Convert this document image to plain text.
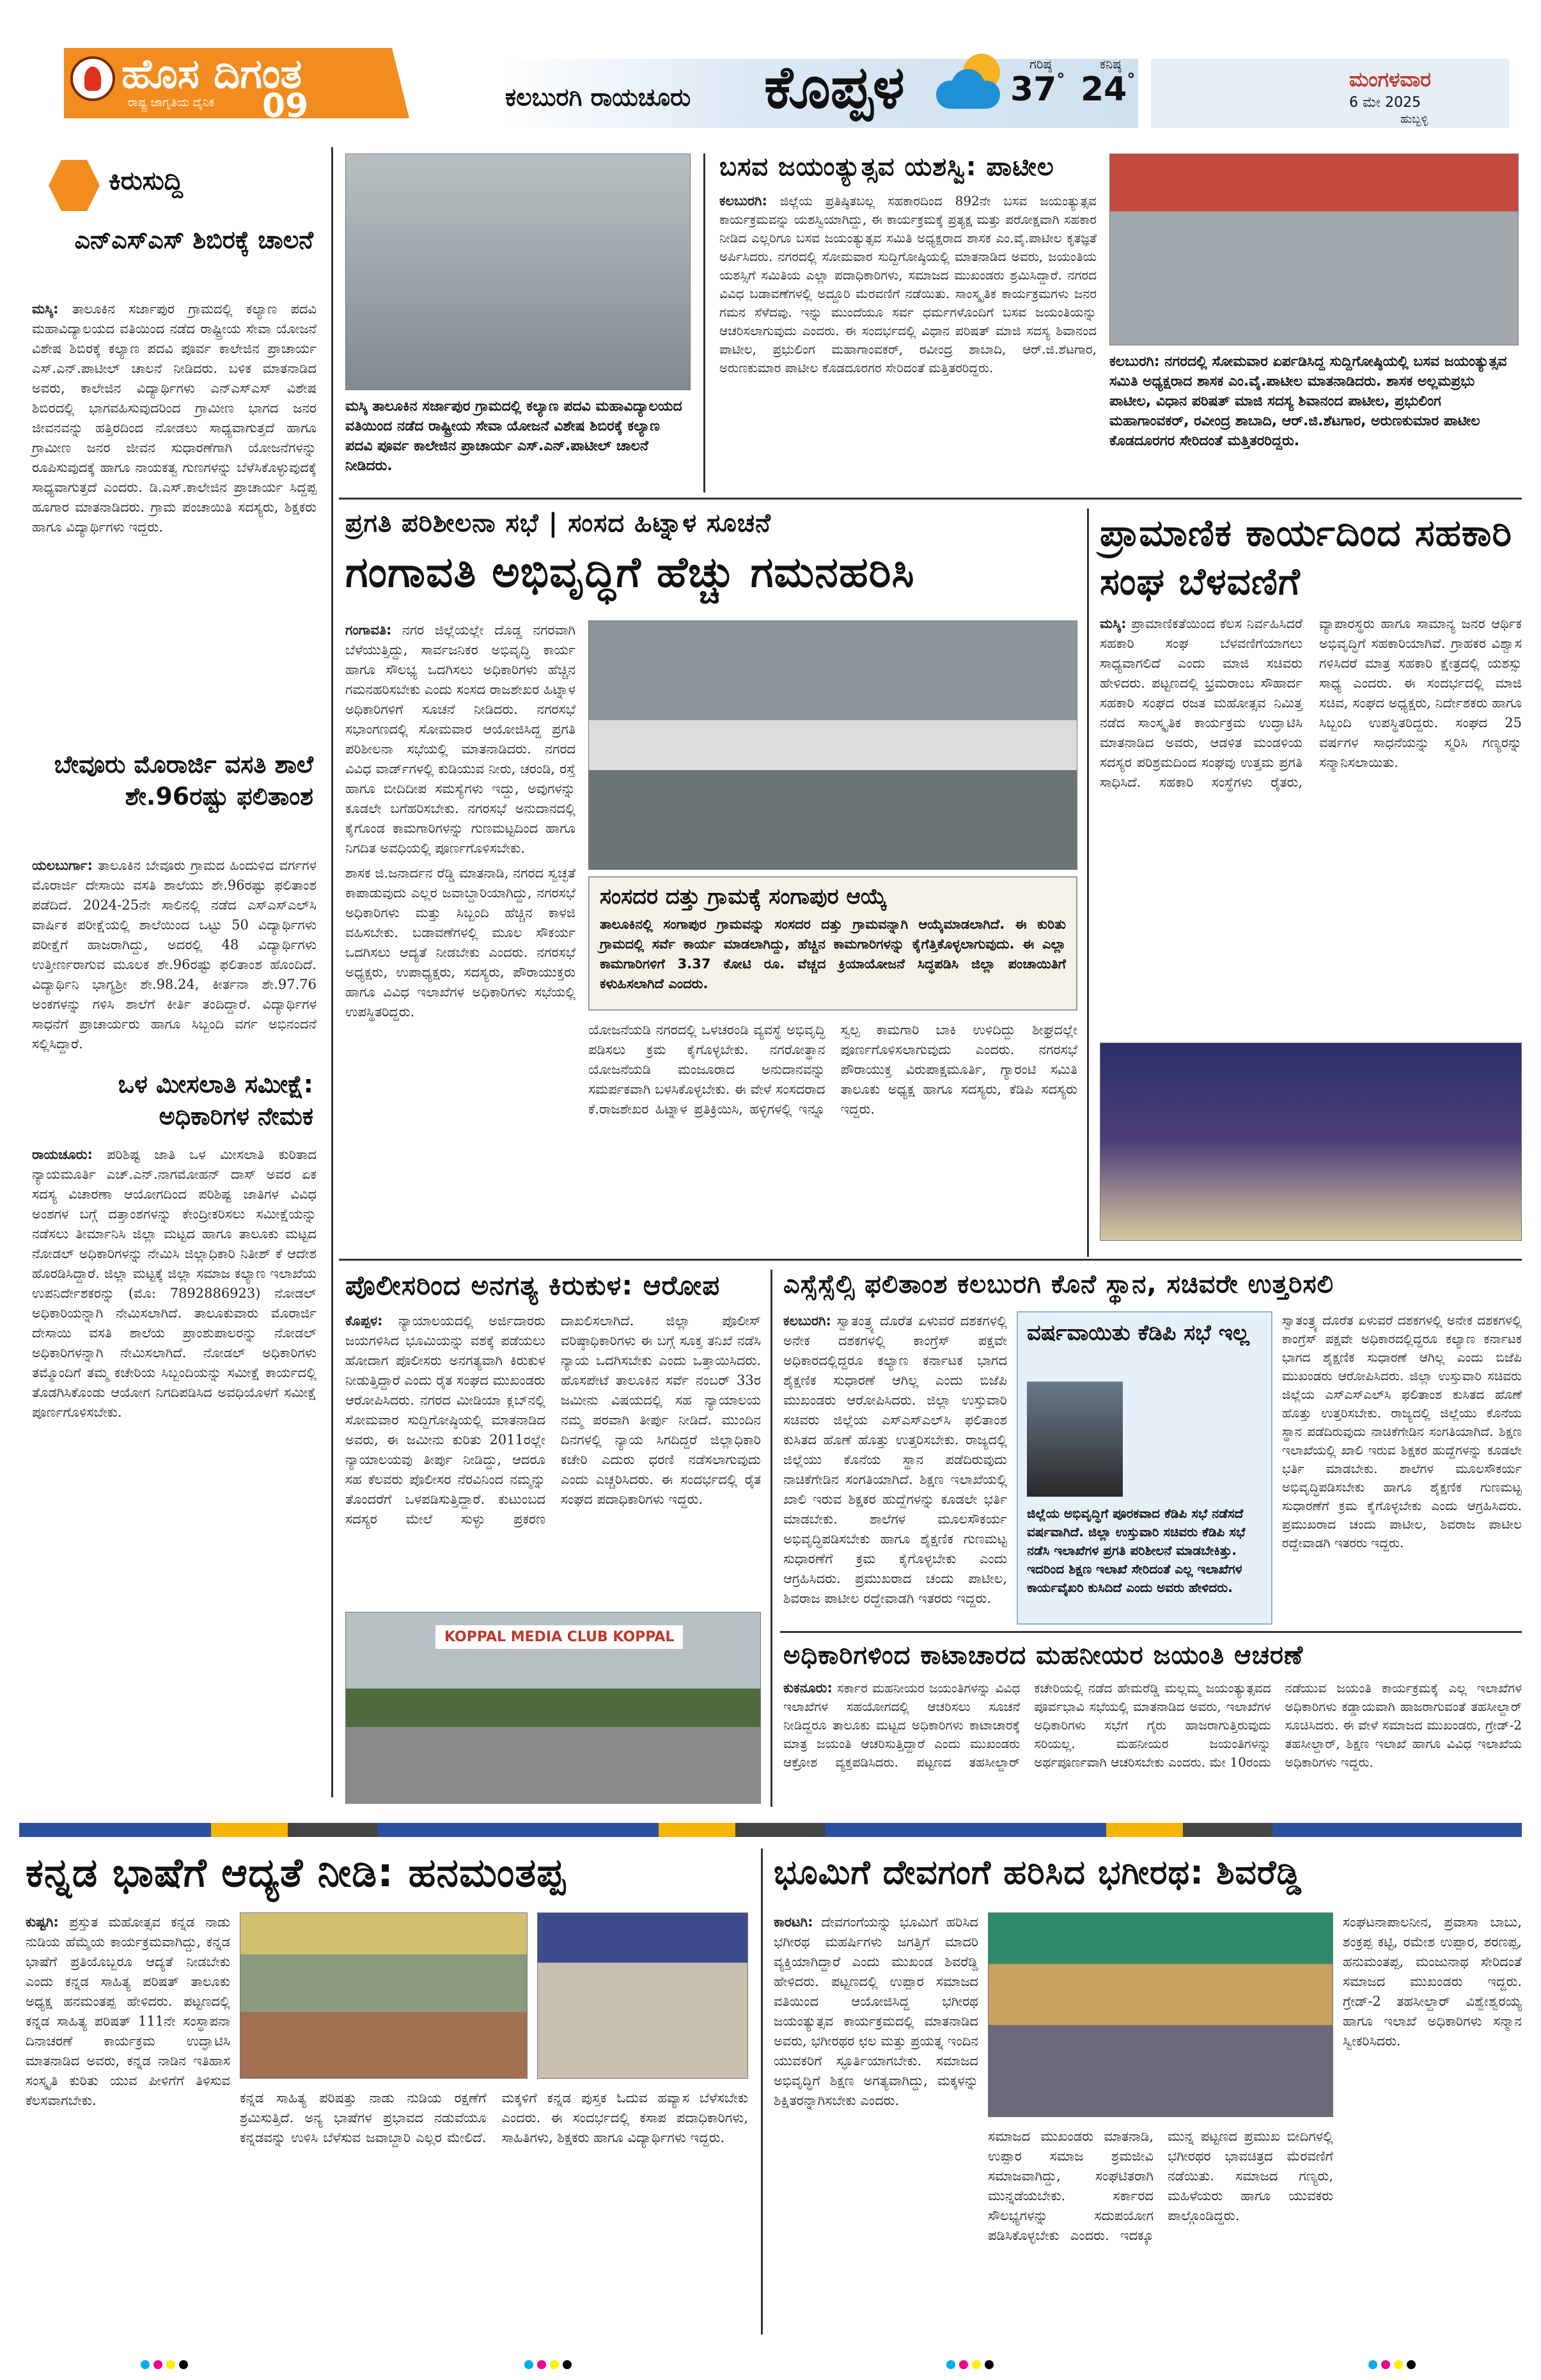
ಹೊಸ ದಿಗಂತ
ರಾಷ್ಟ್ರ ಜಾಗೃತಿಯ ದೈನಿಕ 09	ಕಲಬುರಗಿ ರಾಯಚೂರು ಕೊಪ್ಪಳ	ಗರಿಷ್ಠ
37°
ಕನಿಷ್ಠ
24°	ಮಂಗಳವಾರ
6 ಮೇ 2025
ಹುಬ್ಬಳ್ಳಿ
ಕಿರುಸುದ್ದಿ
ಎನ್‌ಎಸ್‌ಎಸ್ ಶಿಬಿರಕ್ಕೆ ಚಾಲನೆ
ಮಸ್ಕಿ: ತಾಲೂಕಿನ ಸರ್ಜಾಪುರ ಗ್ರಾಮದಲ್ಲಿ ಕಲ್ಯಾಣ ಪದವಿ ಮಹಾವಿದ್ಯಾಲಯದ ವತಿಯಿಂದ ನಡೆದ ರಾಷ್ಟ್ರೀಯ ಸೇವಾ ಯೋಜನೆ ವಿಶೇಷ ಶಿಬಿರಕ್ಕೆ ಕಲ್ಯಾಣ ಪದವಿ ಪೂರ್ವ ಕಾಲೇಜಿನ ಪ್ರಾಚಾರ್ಯ ಎಸ್.ಎನ್.ಪಾಟೀಲ್ ಚಾಲನೆ ನೀಡಿದರು. ಬಳಿಕ ಮಾತನಾಡಿದ ಅವರು, ಕಾಲೇಜಿನ ವಿದ್ಯಾರ್ಥಿಗಳು ಎನ್‌ಎಸ್‌ಎಸ್ ವಿಶೇಷ ಶಿಬಿರದಲ್ಲಿ ಭಾಗವಹಿಸುವುದರಿಂದ ಗ್ರಾಮೀಣ ಭಾಗದ ಜನರ ಜೀವನವನ್ನು ಹತ್ತಿರದಿಂದ ನೋಡಲು ಸಾಧ್ಯವಾಗುತ್ತದೆ ಹಾಗೂ ಗ್ರಾಮೀಣ ಜನರ ಜೀವನ ಸುಧಾರಣೆಗಾಗಿ ಯೋಜನೆಗಳನ್ನು ರೂಪಿಸುವುದಕ್ಕೆ ಹಾಗೂ ನಾಯಕತ್ವ ಗುಣಗಳನ್ನು ಬೆಳೆಸಿಕೊಳ್ಳುವುದಕ್ಕೆ ಸಾಧ್ಯವಾಗುತ್ತದೆ ಎಂದರು. ಡಿ.ಎಸ್.ಕಾಲೇಜಿನ ಪ್ರಾಚಾರ್ಯ ಸಿದ್ದಪ್ಪ ಹೂಗಾರ ಮಾತನಾಡಿದರು. ಗ್ರಾಮ ಪಂಚಾಯಿತಿ ಸದಸ್ಯರು, ಶಿಕ್ಷಕರು ಹಾಗೂ ವಿದ್ಯಾರ್ಥಿಗಳು ಇದ್ದರು.
ಬೇವೂರು ಮೊರಾರ್ಜಿ ವಸತಿ ಶಾಲೆ ಶೇ.96ರಷ್ಟು ಫಲಿತಾಂಶ
ಯಲಬುರ್ಗಾ: ತಾಲೂಕಿನ ಬೇವೂರು ಗ್ರಾಮದ ಹಿಂದುಳಿದ ವರ್ಗಗಳ ಮೊರಾರ್ಜಿ ದೇಸಾಯಿ ವಸತಿ ಶಾಲೆಯು ಶೇ.96ರಷ್ಟು ಫಲಿತಾಂಶ ಪಡೆದಿದೆ. 2024-25ನೇ ಸಾಲಿನಲ್ಲಿ ನಡೆದ ಎಸ್ಎಸ್ಎಲ್‌ಸಿ ವಾರ್ಷಿಕ ಪರೀಕ್ಷೆಯಲ್ಲಿ ಶಾಲೆಯಿಂದ ಒಟ್ಟು 50 ವಿದ್ಯಾರ್ಥಿಗಳು ಪರೀಕ್ಷೆಗೆ ಹಾಜರಾಗಿದ್ದು, ಅದರಲ್ಲಿ 48 ವಿದ್ಯಾರ್ಥಿಗಳು ಉತ್ತೀರ್ಣರಾಗುವ ಮೂಲಕ ಶೇ.96ರಷ್ಟು ಫಲಿತಾಂಶ ಹೊಂದಿದೆ. ವಿದ್ಯಾರ್ಥಿನಿ ಭಾಗ್ಯಶ್ರೀ ಶೇ.98.24, ಕೀರ್ತನಾ ಶೇ.97.76 ಅಂಕಗಳನ್ನು ಗಳಿಸಿ ಶಾಲೆಗೆ ಕೀರ್ತಿ ತಂದಿದ್ದಾರೆ. ವಿದ್ಯಾರ್ಥಿಗಳ ಸಾಧನೆಗೆ ಪ್ರಾಚಾರ್ಯರು ಹಾಗೂ ಸಿಬ್ಬಂದಿ ವರ್ಗ ಅಭಿನಂದನೆ ಸಲ್ಲಿಸಿದ್ದಾರೆ.
ಒಳ ಮೀಸಲಾತಿ ಸಮೀಕ್ಷೆ: ಅಧಿಕಾರಿಗಳ ನೇಮಕ
ರಾಯಚೂರು: ಪರಿಶಿಷ್ಟ ಜಾತಿ ಒಳ ಮೀಸಲಾತಿ ಕುರಿತಾದ ನ್ಯಾಯಮೂರ್ತಿ ಎಚ್.ಎನ್.ನಾಗಮೋಹನ್ ದಾಸ್ ಅವರ ಏಕ ಸದಸ್ಯ ವಿಚಾರಣಾ ಆಯೋಗದಿಂದ ಪರಿಶಿಷ್ಟ ಜಾತಿಗಳ ವಿವಿಧ ಅಂಶಗಳ ಬಗ್ಗೆ ದತ್ತಾಂಶಗಳನ್ನು ಕೇಂದ್ರೀಕರಿಸಲು ಸಮೀಕ್ಷೆಯನ್ನು ನಡೆಸಲು ತೀರ್ಮಾನಿಸಿ ಜಿಲ್ಲಾ ಮಟ್ಟದ ಹಾಗೂ ತಾಲೂಕು ಮಟ್ಟದ ನೋಡಲ್ ಅಧಿಕಾರಿಗಳನ್ನು ನೇಮಿಸಿ ಜಿಲ್ಲಾಧಿಕಾರಿ ನಿತೀಶ್ ಕೆ ಆದೇಶ ಹೊರಡಿಸಿದ್ದಾರೆ. ಜಿಲ್ಲಾ ಮಟ್ಟಕ್ಕೆ ಜಿಲ್ಲಾ ಸಮಾಜ ಕಲ್ಯಾಣ ಇಲಾಖೆಯ ಉಪನಿರ್ದೇಶಕರನ್ನು (ಮೊ: 7892886923) ನೋಡಲ್ ಅಧಿಕಾರಿಯನ್ನಾಗಿ ನೇಮಿಸಲಾಗಿದೆ. ತಾಲೂಕುವಾರು ಮೊರಾರ್ಜಿ ದೇಸಾಯಿ ವಸತಿ ಶಾಲೆಯ ಪ್ರಾಂಶುಪಾಲರನ್ನು ನೋಡಲ್ ಅಧಿಕಾರಿಗಳನ್ನಾಗಿ ನೇಮಿಸಲಾಗಿದೆ. ನೋಡಲ್ ಅಧಿಕಾರಿಗಳು ತಮ್ಮೊಂದಿಗೆ ತಮ್ಮ ಕಚೇರಿಯ ಸಿಬ್ಬಂದಿಯನ್ನು ಸಮೀಕ್ಷೆ ಕಾರ್ಯದಲ್ಲಿ ತೊಡಗಿಸಿಕೊಂಡು ಆಯೋಗ ನಿಗದಿಪಡಿಸಿದ ಅವಧಿಯೊಳಗೆ ಸಮೀಕ್ಷೆ ಪೂರ್ಣಗೊಳಿಸಬೇಕು.
ಮಸ್ಕಿ ತಾಲೂಕಿನ ಸರ್ಜಾಪುರ ಗ್ರಾಮದಲ್ಲಿ ಕಲ್ಯಾಣ ಪದವಿ ಮಹಾವಿದ್ಯಾಲಯದ ವತಿಯಿಂದ ನಡೆದ ರಾಷ್ಟ್ರೀಯ ಸೇವಾ ಯೋಜನೆ ವಿಶೇಷ ಶಿಬಿರಕ್ಕೆ ಕಲ್ಯಾಣ ಪದವಿ ಪೂರ್ವ ಕಾಲೇಜಿನ ಪ್ರಾಚಾರ್ಯ ಎಸ್.ಎನ್.ಪಾಟೀಲ್ ಚಾಲನೆ ನೀಡಿದರು.
ಬಸವ ಜಯಂತ್ಯುತ್ಸವ ಯಶಸ್ವಿ: ಪಾಟೀಲ
ಕಲಬುರಗಿ: ಜಿಲ್ಲೆಯ ಪ್ರತಿಷ್ಠಿತಬಲ್ಲ ಸಹಕಾರದಿಂದ 892ನೇ ಬಸವ ಜಯಂತ್ಯುತ್ಸವ ಕಾರ್ಯಕ್ರಮವನ್ನು ಯಶಸ್ವಿಯಾಗಿದ್ದು, ಈ ಕಾರ್ಯಕ್ರಮಕ್ಕೆ ಪ್ರತ್ಯಕ್ಷ ಮತ್ತು ಪರೋಕ್ಷವಾಗಿ ಸಹಕಾರ ನೀಡಿದ ಎಲ್ಲರಿಗೂ ಬಸವ ಜಯಂತ್ಯುತ್ಸವ ಸಮಿತಿ ಅಧ್ಯಕ್ಷರಾದ ಶಾಸಕ ಎಂ.ವೈ.ಪಾಟೀಲ ಕೃತಜ್ಞತೆ ಅರ್ಪಿಸಿದರು. ನಗರದಲ್ಲಿ ಸೋಮವಾರ ಸುದ್ದಿಗೋಷ್ಠಿಯಲ್ಲಿ ಮಾತನಾಡಿದ ಅವರು, ಜಯಂತಿಯ ಯಶಸ್ಸಿಗೆ ಸಮಿತಿಯ ಎಲ್ಲಾ ಪದಾಧಿಕಾರಿಗಳು, ಸಮಾಜದ ಮುಖಂಡರು ಶ್ರಮಿಸಿದ್ದಾರೆ. ನಗರದ ವಿವಿಧ ಬಡಾವಣೆಗಳಲ್ಲಿ ಅದ್ದೂರಿ ಮೆರವಣಿಗೆ ನಡೆಯಿತು. ಸಾಂಸ್ಕೃತಿಕ ಕಾರ್ಯಕ್ರಮಗಳು ಜನರ ಗಮನ ಸೆಳೆದವು. ಇನ್ನು ಮುಂದೆಯೂ ಸರ್ವ ಧರ್ಮಗಳೊಂದಿಗೆ ಬಸವ ಜಯಂತಿಯನ್ನು ಆಚರಿಸಲಾಗುವುದು ಎಂದರು. ಈ ಸಂದರ್ಭದಲ್ಲಿ ವಿಧಾನ ಪರಿಷತ್ ಮಾಜಿ ಸದಸ್ಯ ಶಿವಾನಂದ ಪಾಟೀಲ, ಪ್ರಭುಲಿಂಗ ಮಹಾಗಾಂವಕರ್, ರವೀಂದ್ರ ಶಾಬಾದಿ, ಆರ್.ಜಿ.ಶೆಟಗಾರ, ಅರುಣಕುಮಾರ ಪಾಟೀಲ ಕೊಡದೂರಗರ ಸೇರಿದಂತೆ ಮತ್ತಿತರರಿದ್ದರು.	ಕಲಬುರಗಿ: ನಗರದಲ್ಲಿ ಸೋಮವಾರ ಏರ್ಪಡಿಸಿದ್ದ ಸುದ್ದಿಗೋಷ್ಠಿಯಲ್ಲಿ ಬಸವ ಜಯಂತ್ಯುತ್ಸವ ಸಮಿತಿ ಅಧ್ಯಕ್ಷರಾದ ಶಾಸಕ ಎಂ.ವೈ.ಪಾಟೀಲ ಮಾತನಾಡಿದರು. ಶಾಸಕ ಅಲ್ಲಮಪ್ರಭು ಪಾಟೀಲ, ವಿಧಾನ ಪರಿಷತ್ ಮಾಜಿ ಸದಸ್ಯ ಶಿವಾನಂದ ಪಾಟೀಲ, ಪ್ರಭುಲಿಂಗ ಮಹಾಗಾಂವಕರ್, ರವೀಂದ್ರ ಶಾಬಾದಿ, ಆರ್.ಜಿ.ಶೆಟಗಾರ, ಅರುಣಕುಮಾರ ಪಾಟೀಲ ಕೊಡದೂರಗರ ಸೇರಿದಂತೆ ಮತ್ತಿತರರಿದ್ದರು.
ಪ್ರಗತಿ ಪರಿಶೀಲನಾ ಸಭೆ | ಸಂಸದ ಹಿಟ್ನಾಳ ಸೂಚನೆ
ಗಂಗಾವತಿ ಅಭಿವೃದ್ಧಿಗೆ ಹೆಚ್ಚು ಗಮನಹರಿಸಿ
ಗಂಗಾವತಿ: ನಗರ ಜಿಲ್ಲೆಯಲ್ಲೇ ದೊಡ್ಡ ನಗರವಾಗಿ ಬೆಳೆಯುತ್ತಿದ್ದು, ಸಾರ್ವಜನಿಕರ ಅಭಿವೃದ್ಧಿ ಕಾರ್ಯ ಹಾಗೂ ಸೌಲಭ್ಯ ಒದಗಿಸಲು ಅಧಿಕಾರಿಗಳು ಹೆಚ್ಚಿನ ಗಮನಹರಿಸಬೇಕು ಎಂದು ಸಂಸದ ರಾಜಶೇಖರ ಹಿಟ್ನಾಳ ಅಧಿಕಾರಿಗಳಿಗೆ ಸೂಚನೆ ನೀಡಿದರು. ನಗರಸಭೆ ಸಭಾಂಗಣದಲ್ಲಿ ಸೋಮವಾರ ಆಯೋಜಿಸಿದ್ದ ಪ್ರಗತಿ ಪರಿಶೀಲನಾ ಸಭೆಯಲ್ಲಿ ಮಾತನಾಡಿದರು. ನಗರದ ವಿವಿಧ ವಾರ್ಡ್‌ಗಳಲ್ಲಿ ಕುಡಿಯುವ ನೀರು, ಚರಂಡಿ, ರಸ್ತೆ ಹಾಗೂ ಬೀದಿದೀಪ ಸಮಸ್ಯೆಗಳು ಇದ್ದು, ಅವುಗಳನ್ನು ಕೂಡಲೇ ಬಗೆಹರಿಸಬೇಕು. ನಗರಸಭೆ ಅನುದಾನದಲ್ಲಿ ಕೈಗೊಂಡ ಕಾಮಗಾರಿಗಳನ್ನು ಗುಣಮಟ್ಟದಿಂದ ಹಾಗೂ ನಿಗದಿತ ಅವಧಿಯಲ್ಲಿ ಪೂರ್ಣಗೊಳಿಸಬೇಕು.

ಶಾಸಕ ಜಿ.ಜನಾರ್ದನ ರೆಡ್ಡಿ ಮಾತನಾಡಿ, ನಗರದ ಸ್ವಚ್ಛತೆ ಕಾಪಾಡುವುದು ಎಲ್ಲರ ಜವಾಬ್ದಾರಿಯಾಗಿದ್ದು, ನಗರಸಭೆ ಅಧಿಕಾರಿಗಳು ಮತ್ತು ಸಿಬ್ಬಂದಿ ಹೆಚ್ಚಿನ ಕಾಳಜಿ ವಹಿಸಬೇಕು. ಬಡಾವಣೆಗಳಲ್ಲಿ ಮೂಲ ಸೌಕರ್ಯ ಒದಗಿಸಲು ಆದ್ಯತೆ ನೀಡಬೇಕು ಎಂದರು. ನಗರಸಭೆ ಅಧ್ಯಕ್ಷರು, ಉಪಾಧ್ಯಕ್ಷರು, ಸದಸ್ಯರು, ಪೌರಾಯುಕ್ತರು ಹಾಗೂ ವಿವಿಧ ಇಲಾಖೆಗಳ ಅಧಿಕಾರಿಗಳು ಸಭೆಯಲ್ಲಿ ಉಪಸ್ಥಿತರಿದ್ದರು.

ಸಂಸದರ ದತ್ತು ಗ್ರಾಮಕ್ಕೆ ಸಂಗಾಪುರ ಆಯ್ಕೆ
ತಾಲೂಕಿನಲ್ಲಿ ಸಂಗಾಪುರ ಗ್ರಾಮವನ್ನು ಸಂಸದರ ದತ್ತು ಗ್ರಾಮವನ್ನಾಗಿ ಆಯ್ಕೆಮಾಡಲಾಗಿದೆ. ಈ ಕುರಿತು ಗ್ರಾಮದಲ್ಲಿ ಸರ್ವೆ ಕಾರ್ಯ ಮಾಡಲಾಗಿದ್ದು, ಹೆಚ್ಚಿನ ಕಾಮಗಾರಿಗಳನ್ನು ಕೈಗೆತ್ತಿಕೊಳ್ಳಲಾಗುವುದು. ಈ ಎಲ್ಲಾ ಕಾಮಗಾರಿಗಳಿಗೆ 3.37 ಕೋಟಿ ರೂ. ವೆಚ್ಚದ ಕ್ರಿಯಾಯೋಜನೆ ಸಿದ್ಧಪಡಿಸಿ ಜಿಲ್ಲಾ ಪಂಚಾಯಿತಿಗೆ ಕಳುಹಿಸಲಾಗಿದೆ ಎಂದರು.
ಯೋಜನೆಯಡಿ ನಗರದಲ್ಲಿ ಒಳಚರಂಡಿ ವ್ಯವಸ್ಥೆ ಅಭಿವೃದ್ಧಿ ಪಡಿಸಲು ಕ್ರಮ ಕೈಗೊಳ್ಳಬೇಕು. ನಗರೋತ್ಥಾನ ಯೋಜನೆಯಡಿ ಮಂಜೂರಾದ ಅನುದಾನವನ್ನು ಸಮರ್ಪಕವಾಗಿ ಬಳಸಿಕೊಳ್ಳಬೇಕು. ಈ ವೇಳೆ ಸಂಸದರಾದ ಕೆ.ರಾಜಶೇಖರ ಹಿಟ್ನಾಳ ಪ್ರತಿಕ್ರಿಯಿಸಿ, ಹಳ್ಳಿಗಳಲ್ಲಿ ಇನ್ನೂ ಸ್ವಲ್ಪ ಕಾಮಗಾರಿ ಬಾಕಿ ಉಳಿದಿದ್ದು ಶೀಘ್ರದಲ್ಲೇ ಪೂರ್ಣಗೊಳಿಸಲಾಗುವುದು ಎಂದರು. ನಗರಸಭೆ ಪೌರಾಯುಕ್ತ ವಿರುಪಾಕ್ಷಮೂರ್ತಿ, ಗ್ಯಾರಂಟಿ ಸಮಿತಿ ತಾಲೂಕು ಅಧ್ಯಕ್ಷ ಹಾಗೂ ಸದಸ್ಯರು, ಕೆಡಿಪಿ ಸದಸ್ಯರು ಇದ್ದರು.
ಪ್ರಾಮಾಣಿಕ ಕಾರ್ಯದಿಂದ ಸಹಕಾರಿ ಸಂಘ ಬೆಳವಣಿಗೆ
ಮಸ್ಕಿ: ಪ್ರಾಮಾಣಿಕತೆಯಿಂದ ಕೆಲಸ ನಿರ್ವಹಿಸಿದರೆ ಸಹಕಾರಿ ಸಂಘ ಬೆಳವಣಿಗೆಯಾಗಲು ಸಾಧ್ಯವಾಗಲಿದೆ ಎಂದು ಮಾಜಿ ಸಚಿವರು ಹೇಳಿದರು. ಪಟ್ಟಣದಲ್ಲಿ ಭ್ರಮರಾಂಬ ಸೌಹಾರ್ದ ಸಹಕಾರಿ ಸಂಘದ ರಜತ ಮಹೋತ್ಸವ ನಿಮಿತ್ತ ನಡೆದ ಸಾಂಸ್ಕೃತಿಕ ಕಾರ್ಯಕ್ರಮ ಉದ್ಘಾಟಿಸಿ ಮಾತನಾಡಿದ ಅವರು, ಆಡಳಿತ ಮಂಡಳಿಯ ಸದಸ್ಯರ ಪರಿಶ್ರಮದಿಂದ ಸಂಘವು ಉತ್ತಮ ಪ್ರಗತಿ ಸಾಧಿಸಿದೆ. ಸಹಕಾರಿ ಸಂಸ್ಥೆಗಳು ರೈತರು, ವ್ಯಾಪಾರಸ್ಥರು ಹಾಗೂ ಸಾಮಾನ್ಯ ಜನರ ಆರ್ಥಿಕ ಅಭಿವೃದ್ಧಿಗೆ ಸಹಕಾರಿಯಾಗಿವೆ. ಗ್ರಾಹಕರ ವಿಶ್ವಾಸ ಗಳಿಸಿದರೆ ಮಾತ್ರ ಸಹಕಾರಿ ಕ್ಷೇತ್ರದಲ್ಲಿ ಯಶಸ್ಸು ಸಾಧ್ಯ ಎಂದರು. ಈ ಸಂದರ್ಭದಲ್ಲಿ ಮಾಜಿ ಸಚಿವ, ಸಂಘದ ಅಧ್ಯಕ್ಷರು, ನಿರ್ದೇಶಕರು ಹಾಗೂ ಸಿಬ್ಬಂದಿ ಉಪಸ್ಥಿತರಿದ್ದರು. ಸಂಘದ 25 ವರ್ಷಗಳ ಸಾಧನೆಯನ್ನು ಸ್ಮರಿಸಿ ಗಣ್ಯರನ್ನು ಸನ್ಮಾನಿಸಲಾಯಿತು.
ಪೊಲೀಸರಿಂದ ಅನಗತ್ಯ ಕಿರುಕುಳ: ಆರೋಪ
ಕೊಪ್ಪಳ: ನ್ಯಾಯಾಲಯದಲ್ಲಿ ಅರ್ಜಿದಾರರು ಜಯಗಳಿಸಿದ ಭೂಮಿಯನ್ನು ವಶಕ್ಕೆ ಪಡೆಯಲು ಹೋದಾಗ ಪೊಲೀಸರು ಅನಗತ್ಯವಾಗಿ ಕಿರುಕುಳ ನೀಡುತ್ತಿದ್ದಾರೆ ಎಂದು ರೈತ ಸಂಘದ ಮುಖಂಡರು ಆರೋಪಿಸಿದರು. ನಗರದ ಮೀಡಿಯಾ ಕ್ಲಬ್‌ನಲ್ಲಿ ಸೋಮವಾರ ಸುದ್ದಿಗೋಷ್ಠಿಯಲ್ಲಿ ಮಾತನಾಡಿದ ಅವರು, ಈ ಜಮೀನು ಕುರಿತು 2011ರಲ್ಲೇ ನ್ಯಾಯಾಲಯವು ತೀರ್ಪು ನೀಡಿದ್ದು, ಆದರೂ ಸಹ ಕೆಲವರು ಪೊಲೀಸರ ನೆರವಿನಿಂದ ನಮ್ಮನ್ನು ತೊಂದರೆಗೆ ಒಳಪಡಿಸುತ್ತಿದ್ದಾರೆ. ಕುಟುಂಬದ ಸದಸ್ಯರ ಮೇಲೆ ಸುಳ್ಳು ಪ್ರಕರಣ ದಾಖಲಿಸಲಾಗಿದೆ. ಜಿಲ್ಲಾ ಪೊಲೀಸ್ ವರಿಷ್ಠಾಧಿಕಾರಿಗಳು ಈ ಬಗ್ಗೆ ಸೂಕ್ತ ತನಿಖೆ ನಡೆಸಿ ನ್ಯಾಯ ಒದಗಿಸಬೇಕು ಎಂದು ಒತ್ತಾಯಿಸಿದರು. ಹೊಸಪೇಟೆ ತಾಲೂಕಿನ ಸರ್ವೆ ನಂಬರ್ 33ರ ಜಮೀನು ವಿಷಯದಲ್ಲಿ ಸಹ ನ್ಯಾಯಾಲಯ ನಮ್ಮ ಪರವಾಗಿ ತೀರ್ಪು ನೀಡಿದೆ. ಮುಂದಿನ ದಿನಗಳಲ್ಲಿ ನ್ಯಾಯ ಸಿಗದಿದ್ದರೆ ಜಿಲ್ಲಾಧಿಕಾರಿ ಕಚೇರಿ ಎದುರು ಧರಣಿ ನಡೆಸಲಾಗುವುದು ಎಂದು ಎಚ್ಚರಿಸಿದರು. ಈ ಸಂದರ್ಭದಲ್ಲಿ ರೈತ ಸಂಘದ ಪದಾಧಿಕಾರಿಗಳು ಇದ್ದರು.
KOPPAL MEDIA CLUB KOPPAL
ಎಸ್ಸೆಸ್ಸೆಲ್ಸಿ ಫಲಿತಾಂಶ ಕಲಬುರಗಿ ಕೊನೆ ಸ್ಥಾನ, ಸಚಿವರೇ ಉತ್ತರಿಸಲಿ
ಕಲಬುರಗಿ: ಸ್ವಾತಂತ್ರ್ಯ ದೊರೆತ ಏಳುವರೆ ದಶಕಗಳಲ್ಲಿ ಅನೇಕ ದಶಕಗಳಲ್ಲಿ ಕಾಂಗ್ರೆಸ್ ಪಕ್ಷವೇ ಅಧಿಕಾರದಲ್ಲಿದ್ದರೂ ಕಲ್ಯಾಣ ಕರ್ನಾಟಕ ಭಾಗದ ಶೈಕ್ಷಣಿಕ ಸುಧಾರಣೆ ಆಗಿಲ್ಲ ಎಂದು ಬಿಜೆಪಿ ಮುಖಂಡರು ಆರೋಪಿಸಿದರು. ಜಿಲ್ಲಾ ಉಸ್ತುವಾರಿ ಸಚಿವರು ಜಿಲ್ಲೆಯ ಎಸ್ಎಸ್ಎಲ್‌ಸಿ ಫಲಿತಾಂಶ ಕುಸಿತದ ಹೊಣೆ ಹೊತ್ತು ಉತ್ತರಿಸಬೇಕು. ರಾಜ್ಯದಲ್ಲಿ ಜಿಲ್ಲೆಯು ಕೊನೆಯ ಸ್ಥಾನ ಪಡೆದಿರುವುದು ನಾಚಿಕೆಗೇಡಿನ ಸಂಗತಿಯಾಗಿದೆ. ಶಿಕ್ಷಣ ಇಲಾಖೆಯಲ್ಲಿ ಖಾಲಿ ಇರುವ ಶಿಕ್ಷಕರ ಹುದ್ದೆಗಳನ್ನು ಕೂಡಲೇ ಭರ್ತಿ ಮಾಡಬೇಕು. ಶಾಲೆಗಳ ಮೂಲಸೌಕರ್ಯ ಅಭಿವೃದ್ಧಿಪಡಿಸಬೇಕು ಹಾಗೂ ಶೈಕ್ಷಣಿಕ ಗುಣಮಟ್ಟ ಸುಧಾರಣೆಗೆ ಕ್ರಮ ಕೈಗೊಳ್ಳಬೇಕು ಎಂದು ಆಗ್ರಹಿಸಿದರು. ಪ್ರಮುಖರಾದ ಚಂದು ಪಾಟೀಲ, ಶಿವರಾಜ ಪಾಟೀಲ ರದ್ದೇವಾಡಗಿ ಇತರರು ಇದ್ದರು.
ವರ್ಷವಾಯಿತು ಕೆಡಿಪಿ ಸಭೆ ಇಲ್ಲ
ಜಿಲ್ಲೆಯ ಅಭಿವೃದ್ಧಿಗೆ ಪೂರಕವಾದ ಕೆಡಿಪಿ ಸಭೆ ನಡೆಸದೆ ವರ್ಷವಾಗಿದೆ. ಜಿಲ್ಲಾ ಉಸ್ತುವಾರಿ ಸಚಿವರು ಕೆಡಿಪಿ ಸಭೆ ನಡೆಸಿ ಇಲಾಖೆಗಳ ಪ್ರಗತಿ ಪರಿಶೀಲನೆ ಮಾಡಬೇಕಿತ್ತು. ಇದರಿಂದ ಶಿಕ್ಷಣ ಇಲಾಖೆ ಸೇರಿದಂತೆ ಎಲ್ಲ ಇಲಾಖೆಗಳ ಕಾರ್ಯವೈಖರಿ ಕುಸಿದಿದೆ ಎಂದು ಅವರು ಹೇಳಿದರು.
ಸ್ವಾತಂತ್ರ್ಯ ದೊರೆತ ಏಳುವರೆ ದಶಕಗಳಲ್ಲಿ ಅನೇಕ ದಶಕಗಳಲ್ಲಿ ಕಾಂಗ್ರೆಸ್ ಪಕ್ಷವೇ ಅಧಿಕಾರದಲ್ಲಿದ್ದರೂ ಕಲ್ಯಾಣ ಕರ್ನಾಟಕ ಭಾಗದ ಶೈಕ್ಷಣಿಕ ಸುಧಾರಣೆ ಆಗಿಲ್ಲ ಎಂದು ಬಿಜೆಪಿ ಮುಖಂಡರು ಆರೋಪಿಸಿದರು. ಜಿಲ್ಲಾ ಉಸ್ತುವಾರಿ ಸಚಿವರು ಜಿಲ್ಲೆಯ ಎಸ್ಎಸ್ಎಲ್‌ಸಿ ಫಲಿತಾಂಶ ಕುಸಿತದ ಹೊಣೆ ಹೊತ್ತು ಉತ್ತರಿಸಬೇಕು. ರಾಜ್ಯದಲ್ಲಿ ಜಿಲ್ಲೆಯು ಕೊನೆಯ ಸ್ಥಾನ ಪಡೆದಿರುವುದು ನಾಚಿಕೆಗೇಡಿನ ಸಂಗತಿಯಾಗಿದೆ. ಶಿಕ್ಷಣ ಇಲಾಖೆಯಲ್ಲಿ ಖಾಲಿ ಇರುವ ಶಿಕ್ಷಕರ ಹುದ್ದೆಗಳನ್ನು ಕೂಡಲೇ ಭರ್ತಿ ಮಾಡಬೇಕು. ಶಾಲೆಗಳ ಮೂಲಸೌಕರ್ಯ ಅಭಿವೃದ್ಧಿಪಡಿಸಬೇಕು ಹಾಗೂ ಶೈಕ್ಷಣಿಕ ಗುಣಮಟ್ಟ ಸುಧಾರಣೆಗೆ ಕ್ರಮ ಕೈಗೊಳ್ಳಬೇಕು ಎಂದು ಆಗ್ರಹಿಸಿದರು. ಪ್ರಮುಖರಾದ ಚಂದು ಪಾಟೀಲ, ಶಿವರಾಜ ಪಾಟೀಲ ರದ್ದೇವಾಡಗಿ ಇತರರು ಇದ್ದರು.
ಅಧಿಕಾರಿಗಳಿಂದ ಕಾಟಾಚಾರದ ಮಹನೀಯರ ಜಯಂತಿ ಆಚರಣೆ
ಕುಕನೂರು: ಸರ್ಕಾರ ಮಹನೀಯರ ಜಯಂತಿಗಳನ್ನು ವಿವಿಧ ಇಲಾಖೆಗಳ ಸಹಯೋಗದಲ್ಲಿ ಆಚರಿಸಲು ಸೂಚನೆ ನೀಡಿದ್ದರೂ ತಾಲೂಕು ಮಟ್ಟದ ಅಧಿಕಾರಿಗಳು ಕಾಟಾಚಾರಕ್ಕೆ ಮಾತ್ರ ಜಯಂತಿ ಆಚರಿಸುತ್ತಿದ್ದಾರೆ ಎಂದು ಮುಖಂಡರು ಆಕ್ರೋಶ ವ್ಯಕ್ತಪಡಿಸಿದರು. ಪಟ್ಟಣದ ತಹಸೀಲ್ದಾರ್ ಕಚೇರಿಯಲ್ಲಿ ನಡೆದ ಹೇಮರೆಡ್ಡಿ ಮಲ್ಲಮ್ಮ ಜಯಂತ್ಯುತ್ಸವದ ಪೂರ್ವಭಾವಿ ಸಭೆಯಲ್ಲಿ ಮಾತನಾಡಿದ ಅವರು, ಇಲಾಖೆಗಳ ಅಧಿಕಾರಿಗಳು ಸಭೆಗೆ ಗೈರು ಹಾಜರಾಗುತ್ತಿರುವುದು ಸರಿಯಲ್ಲ. ಮಹನೀಯರ ಜಯಂತಿಗಳನ್ನು ಅರ್ಥಪೂರ್ಣವಾಗಿ ಆಚರಿಸಬೇಕು ಎಂದರು. ಮೇ 10ರಂದು ನಡೆಯುವ ಜಯಂತಿ ಕಾರ್ಯಕ್ರಮಕ್ಕೆ ಎಲ್ಲ ಇಲಾಖೆಗಳ ಅಧಿಕಾರಿಗಳು ಕಡ್ಡಾಯವಾಗಿ ಹಾಜರಾಗುವಂತೆ ತಹಸೀಲ್ದಾರ್ ಸೂಚಿಸಿದರು. ಈ ವೇಳೆ ಸಮಾಜದ ಮುಖಂಡರು, ಗ್ರೇಡ್-2 ತಹಸೀಲ್ದಾರ್, ಶಿಕ್ಷಣ ಇಲಾಖೆ ಹಾಗೂ ವಿವಿಧ ಇಲಾಖೆಯ ಅಧಿಕಾರಿಗಳು ಇದ್ದರು.
ಕನ್ನಡ ಭಾಷೆಗೆ ಆದ್ಯತೆ ನೀಡಿ: ಹನಮಂತಪ್ಪ
ಕುಷ್ಟಗಿ: ಪ್ರಸ್ತುತ ಮಹೋತ್ಸವ ಕನ್ನಡ ನಾಡು ನುಡಿಯ ಹೆಮ್ಮೆಯ ಕಾರ್ಯಕ್ರಮವಾಗಿದ್ದು, ಕನ್ನಡ ಭಾಷೆಗೆ ಪ್ರತಿಯೊಬ್ಬರೂ ಆದ್ಯತೆ ನೀಡಬೇಕು ಎಂದು ಕನ್ನಡ ಸಾಹಿತ್ಯ ಪರಿಷತ್ ತಾಲೂಕು ಅಧ್ಯಕ್ಷ ಹನಮಂತಪ್ಪ ಹೇಳಿದರು. ಪಟ್ಟಣದಲ್ಲಿ ಕನ್ನಡ ಸಾಹಿತ್ಯ ಪರಿಷತ್ 111ನೇ ಸಂಸ್ಥಾಪನಾ ದಿನಾಚರಣೆ ಕಾರ್ಯಕ್ರಮ ಉದ್ಘಾಟಿಸಿ ಮಾತನಾಡಿದ ಅವರು, ಕನ್ನಡ ನಾಡಿನ ಇತಿಹಾಸ ಸಂಸ್ಕೃತಿ ಕುರಿತು ಯುವ ಪೀಳಿಗೆಗೆ ತಿಳಿಸುವ ಕೆಲಸವಾಗಬೇಕು.	ಕನ್ನಡ ಸಾಹಿತ್ಯ ಪರಿಷತ್ತು ನಾಡು ನುಡಿಯ ರಕ್ಷಣೆಗೆ ಶ್ರಮಿಸುತ್ತಿದೆ. ಅನ್ಯ ಭಾಷೆಗಳ ಪ್ರಭಾವದ ನಡುವೆಯೂ ಕನ್ನಡವನ್ನು ಉಳಿಸಿ ಬೆಳೆಸುವ ಜವಾಬ್ದಾರಿ ಎಲ್ಲರ ಮೇಲಿದೆ. ಮಕ್ಕಳಿಗೆ ಕನ್ನಡ ಪುಸ್ತಕ ಓದುವ ಹವ್ಯಾಸ ಬೆಳೆಸಬೇಕು ಎಂದರು. ಈ ಸಂದರ್ಭದಲ್ಲಿ ಕಸಾಪ ಪದಾಧಿಕಾರಿಗಳು, ಸಾಹಿತಿಗಳು, ಶಿಕ್ಷಕರು ಹಾಗೂ ವಿದ್ಯಾರ್ಥಿಗಳು ಇದ್ದರು.
ಭೂಮಿಗೆ ದೇವಗಂಗೆ ಹರಿಸಿದ ಭಗೀರಥ: ಶಿವರೆಡ್ಡಿ
ಕಾರಟಗಿ: ದೇವಗಂಗೆಯನ್ನು ಭೂಮಿಗೆ ಹರಿಸಿದ ಭಗೀರಥ ಮಹರ್ಷಿಗಳು ಜಗತ್ತಿಗೆ ಮಾದರಿ ವ್ಯಕ್ತಿಯಾಗಿದ್ದಾರೆ ಎಂದು ಮುಖಂಡ ಶಿವರೆಡ್ಡಿ ಹೇಳಿದರು. ಪಟ್ಟಣದಲ್ಲಿ ಉಪ್ಪಾರ ಸಮಾಜದ ವತಿಯಿಂದ ಆಯೋಜಿಸಿದ್ದ ಭಗೀರಥ ಜಯಂತ್ಯುತ್ಸವ ಕಾರ್ಯಕ್ರಮದಲ್ಲಿ ಮಾತನಾಡಿದ ಅವರು, ಭಗೀರಥರ ಛಲ ಮತ್ತು ಪ್ರಯತ್ನ ಇಂದಿನ ಯುವಕರಿಗೆ ಸ್ಫೂರ್ತಿಯಾಗಬೇಕು. ಸಮಾಜದ ಅಭಿವೃದ್ಧಿಗೆ ಶಿಕ್ಷಣ ಅಗತ್ಯವಾಗಿದ್ದು, ಮಕ್ಕಳನ್ನು ಶಿಕ್ಷಿತರನ್ನಾಗಿಸಬೇಕು ಎಂದರು.
ಸಮಾಜದ ಮುಖಂಡರು ಮಾತನಾಡಿ, ಉಪ್ಪಾರ ಸಮಾಜ ಶ್ರಮಜೀವಿ ಸಮಾಜವಾಗಿದ್ದು, ಸಂಘಟಿತರಾಗಿ ಮುನ್ನಡೆಯಬೇಕು. ಸರ್ಕಾರದ ಸೌಲಭ್ಯಗಳನ್ನು ಸದುಪಯೋಗ ಪಡಿಸಿಕೊಳ್ಳಬೇಕು ಎಂದರು. ಇದಕ್ಕೂ ಮುನ್ನ ಪಟ್ಟಣದ ಪ್ರಮುಖ ಬೀದಿಗಳಲ್ಲಿ ಭಗೀರಥರ ಭಾವಚಿತ್ರದ ಮೆರವಣಿಗೆ ನಡೆಯಿತು. ಸಮಾಜದ ಗಣ್ಯರು, ಮಹಿಳೆಯರು ಹಾಗೂ ಯುವಕರು ಪಾಲ್ಗೊಂಡಿದ್ದರು.
ಸಂಘಟನಾಪಾಲನೀನ, ಪ್ರವಾಸಾ ಬಾಬು, ಶಂಕ್ರಪ್ಪ ಕಟ್ಟಿ, ರಮೇಶ ಉಪ್ಪಾರ, ಶರಣಪ್ಪ, ಹನುಮಂತಪ್ಪ, ಮಂಜುನಾಥ ಸೇರಿದಂತೆ ಸಮಾಜದ ಮುಖಂಡರು ಇದ್ದರು. ಗ್ರೇಡ್-2 ತಹಸೀಲ್ದಾರ್ ವಿಶ್ವೇಶ್ವರಯ್ಯ ಹಾಗೂ ಇಲಾಖೆ ಅಧಿಕಾರಿಗಳು ಸನ್ಮಾನ ಸ್ವೀಕರಿಸಿದರು.
